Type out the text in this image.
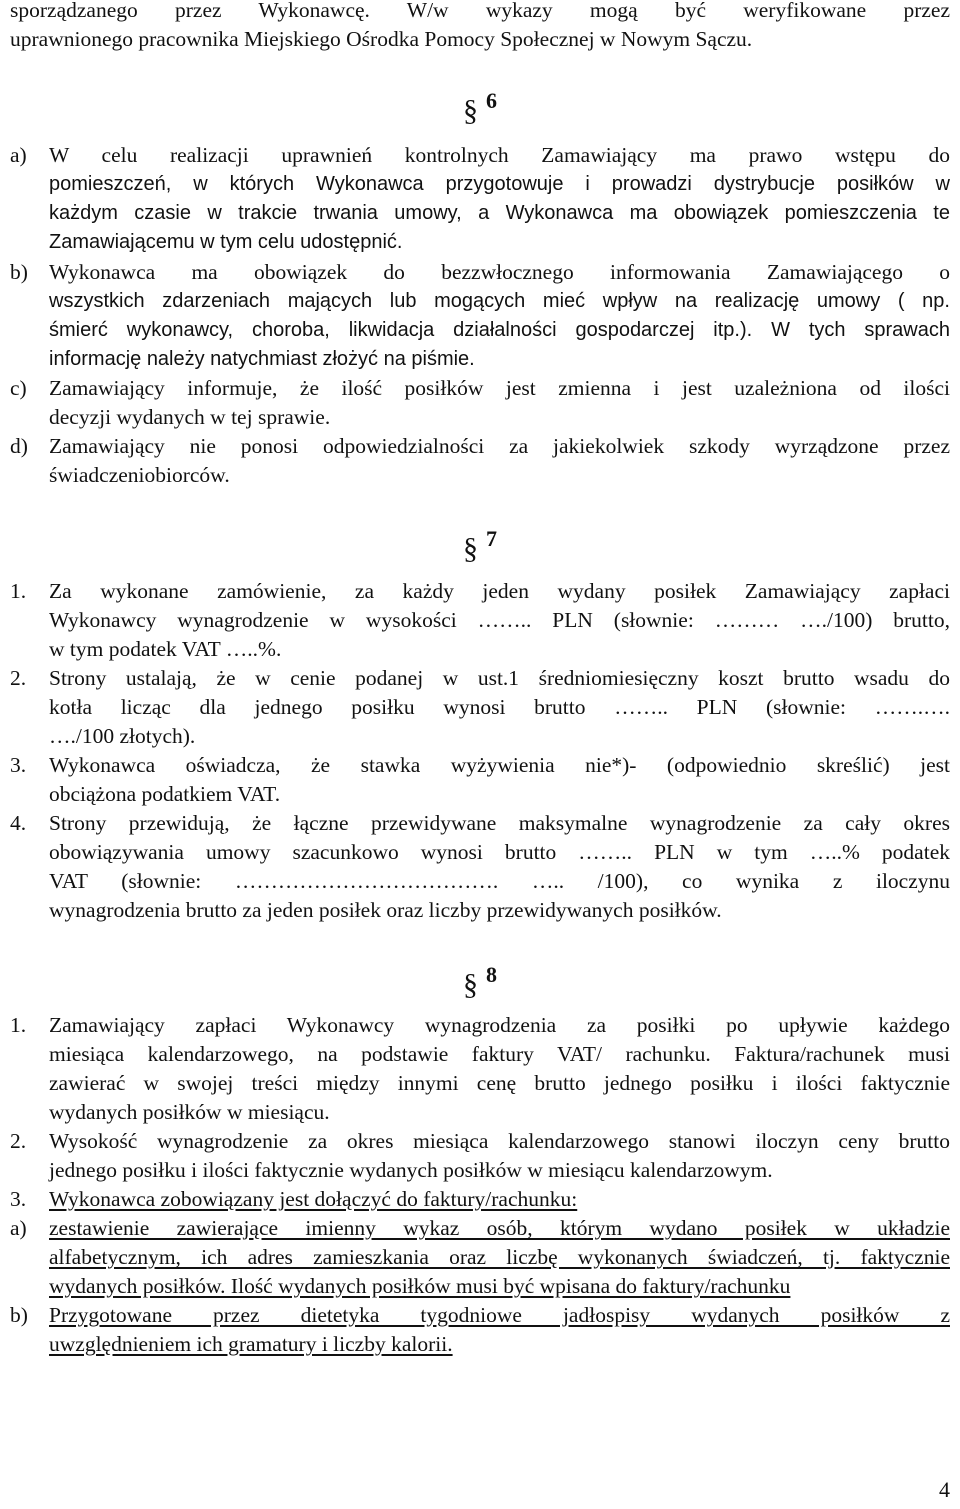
sporządzanego przez Wykonawcę. W/w wykazy mogą być weryfikowane przez
uprawnionego pracownika Miejskiego Ośrodka Pomocy Społecznej w Nowym Sączu.
§ 6
a) W celu realizacji uprawnień kontrolnych Zamawiający ma prawo wstępu do
pomieszczeń, w których Wykonawca przygotowuje i prowadzi dystrybucje posiłków w
każdym czasie w trakcie trwania umowy, a Wykonawca ma obowiązek pomieszczenia te
Zamawiającemu w tym celu udostępnić.
b) Wykonawca ma obowiązek do bezzwłocznego informowania Zamawiającego o
wszystkich zdarzeniach mających lub mogących mieć wpływ na realizację umowy ( np.
śmierć wykonawcy, choroba, likwidacja działalności gospodarczej itp.). W tych sprawach
informację należy natychmiast złożyć na piśmie.
c) Zamawiający informuje, że ilość posiłków jest zmienna i jest uzależniona od ilości
decyzji wydanych w tej sprawie.
d) Zamawiający nie ponosi odpowiedzialności za jakiekolwiek szkody wyrządzone przez
świadczeniobiorców.
§ 7
1. Za wykonane zamówienie, za każdy jeden wydany posiłek Zamawiający zapłaci
Wykonawcy wynagrodzenie w wysokości …….. PLN (słownie: ……… …./100) brutto,
w tym podatek VAT …..%.
2. Strony ustalają, że w cenie podanej w ust.1 średniomiesięczny koszt brutto wsadu do
kotła licząc dla jednego posiłku wynosi brutto …….. PLN (słownie: …….….
…./100 złotych).
3. Wykonawca oświadcza, że stawka wyżywienia nie*)- (odpowiednio skreślić) jest
obciążona podatkiem VAT.
4. Strony przewidują, że łączne przewidywane maksymalne wynagrodzenie za cały okres
obowiązywania umowy szacunkowo wynosi brutto …….. PLN w tym …..% podatek
VAT (słownie: ………………………………. ….. /100), co wynika z iloczynu
wynagrodzenia brutto za jeden posiłek oraz liczby przewidywanych posiłków.
§ 8
1. Zamawiający zapłaci Wykonawcy wynagrodzenia za posiłki po upływie każdego
miesiąca kalendarzowego, na podstawie faktury VAT/ rachunku. Faktura/rachunek musi
zawierać w swojej treści między innymi cenę brutto jednego posiłku i ilości faktycznie
wydanych posiłków w miesiącu.
2. Wysokość wynagrodzenie za okres miesiąca kalendarzowego stanowi iloczyn ceny brutto
jednego posiłku i ilości faktycznie wydanych posiłków w miesiącu kalendarzowym.
3. Wykonawca zobowiązany jest dołączyć do faktury/rachunku:
a) zestawienie zawierające imienny wykaz osób, którym wydano posiłek w układzie
alfabetycznym, ich adres zamieszkania oraz liczbę wykonanych świadczeń, tj. faktycznie
wydanych posiłków. Ilość wydanych posiłków musi być wpisana do faktury/rachunku
b) Przygotowane przez dietetyka tygodniowe jadłospisy wydanych posiłków z
uwzględnieniem ich gramatury i liczby kalorii.
4
